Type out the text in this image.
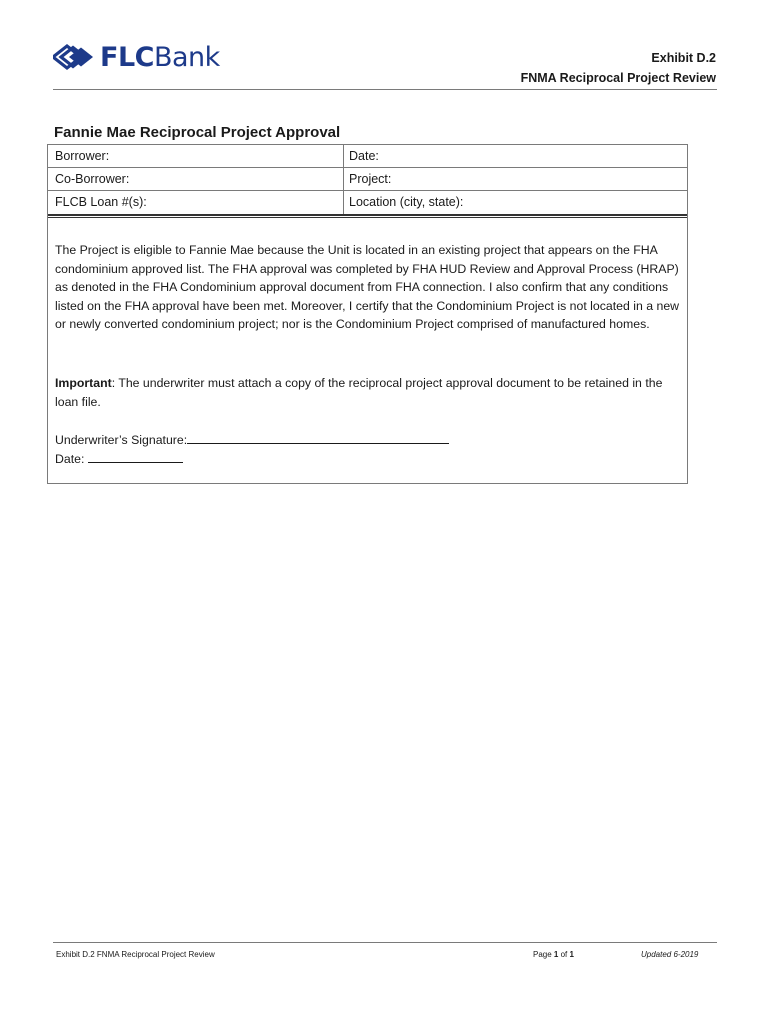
FLCBank	Exhibit D.2
FNMA Reciprocal Project Review
Fannie Mae Reciprocal Project Approval
Borrower:	Date:
Co-Borrower:	Project:
FLCB Loan #(s):	Location (city, state):

The Project is eligible to Fannie Mae because the Unit is located in an existing project that appears on the FHA condominium approved list. The FHA approval was completed by FHA HUD Review and Approval Process (HRAP) as denoted in the FHA Condominium approval document from FHA connection. I also confirm that any conditions listed on the FHA approval have been met. Moreover, I certify that the Condominium Project is not located in a new or newly converted condominium project; nor is the Condominium Project comprised of manufactured homes.

Important: The underwriter must attach a copy of the reciprocal project approval document to be retained in the loan file.

Underwriter’s Signature:
Date:
Exhibit D.2 FNMA Reciprocal Project Review	Page 1 of 1	Updated 6-2019
